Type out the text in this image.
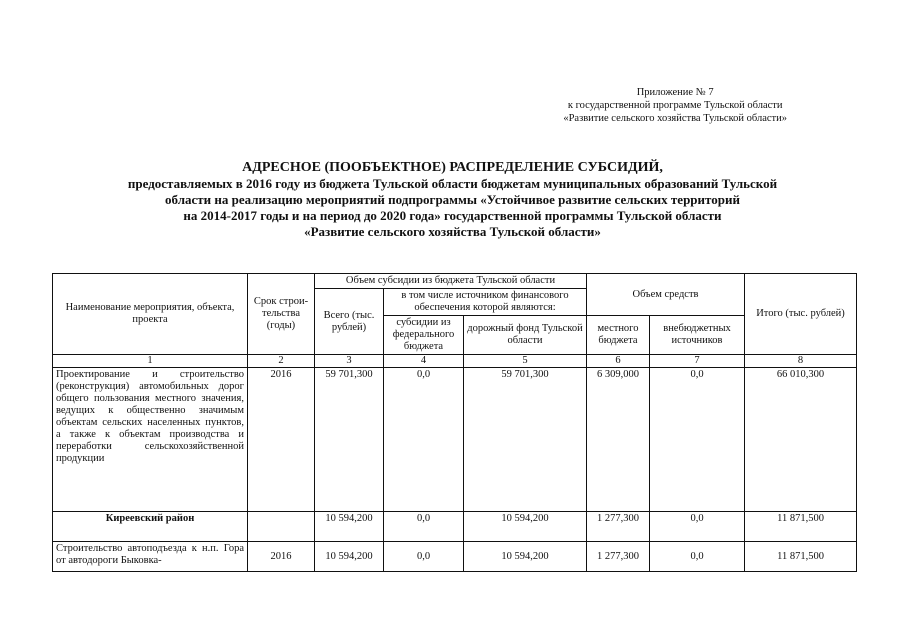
Приложение № 7
к государственной программе Тульской области
«Развитие сельского хозяйства Тульской области»
АДРЕСНОЕ (ПООБЪЕКТНОЕ) РАСПРЕДЕЛЕНИЕ СУБСИДИЙ,
предоставляемых в 2016 году из бюджета Тульской области бюджетам муниципальных образований Тульской
области на реализацию мероприятий подпрограммы «Устойчивое развитие сельских территорий
на 2014-2017 годы и на период до 2020 года» государственной программы Тульской области
«Развитие сельского хозяйства Тульской области»
Наименование мероприятия, объекта, проекта	Срок строи-тельства (годы)	Объем субсидии из бюджета Тульской области			Объем средств		Итого (тыс. рублей)
		Всего (тыс. рублей)	в том числе источником финансового обеспечения которой являются:				
			субсидии из федерального бюджета	дорожный фонд Тульской области	местного бюджета	внебюджетных источников	
1	2	3	4	5	6	7	8
Проектирование и строительство (реконструкция) автомобильных дорог общего пользования местного значения, ведущих к общественно значимым объектам сельских населенных пунктов, а также к объектам производства и переработки сельскохозяйственной продукции	2016	59 701,300	0,0	59 701,300	6 309,000	0,0	66 010,300
Киреевский район		10 594,200	0,0	10 594,200	1 277,300	0,0	11 871,500
Строительство автоподъезда к н.п. Гора от автодороги Быковка-	2016	10 594,200	0,0	10 594,200	1 277,300	0,0	11 871,500
